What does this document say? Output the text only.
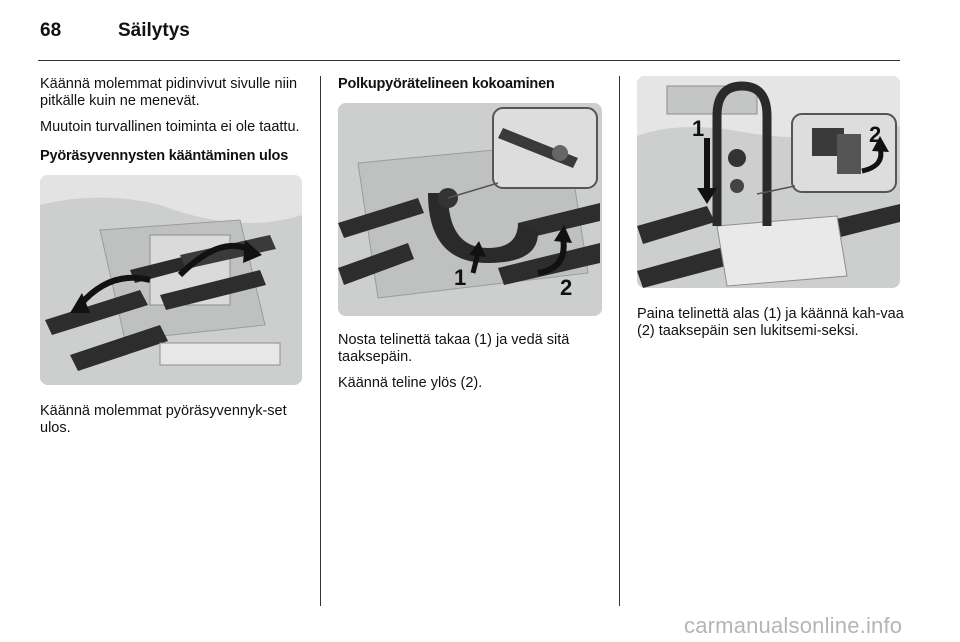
68	Säilytys

Käännä molemmat pidinvivut sivulle niin pitkälle kuin ne menevät.

Muutoin turvallinen toiminta ei ole taattu.

Pyöräsyvennysten kääntäminen ulos

Käännä molemmat pyöräsyvennyk-set ulos.

Polkupyörätelineen kokoaminen
1	2

Nosta telinettä takaa (1) ja vedä sitä taaksepäin.

Käännä teline ylös (2).

1	2

Paina telinettä alas (1) ja käännä kah-vaa (2) taaksepäin sen lukitsemi-seksi.

carmanualsonline.info
